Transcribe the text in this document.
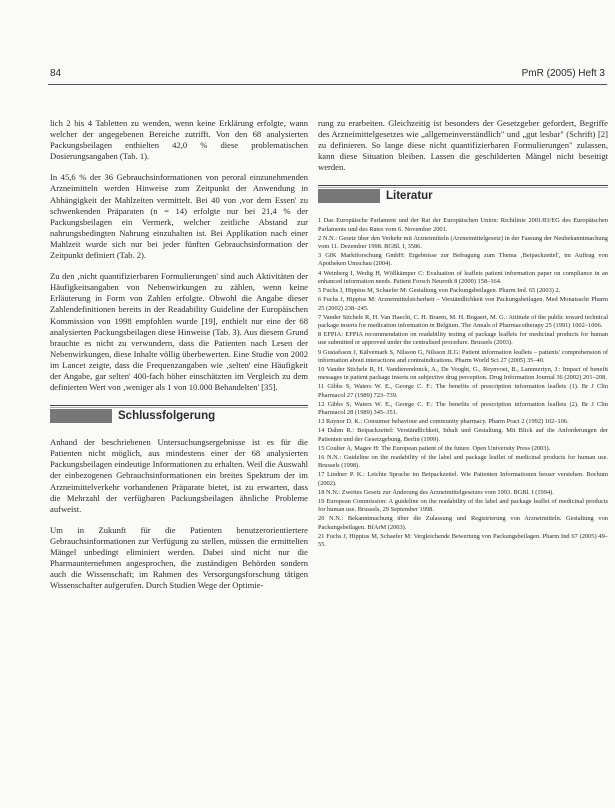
84	PmR (2005) Heft 3

lich 2 bis 4 Tabletten zu wenden, wenn keine Erklärung erfolgte, wann welcher der angegebenen Bereiche zutrifft. Von den 68 analysierten Packungsbeilagen enthielten 42,0 % diese problematischen Dosierungsangaben (Tab. 1).

In 45,6 % der 36 Gebrauchsinformationen von peroral einzunehmenden Arzneimitteln werden Hinweise zum Zeitpunkt der Anwendung in Abhängigkeit der Mahlzeiten vermittelt. Bei 40 von ,vor dem Essen' zu schwenkenden Präparaten (n = 14) erfolgte nur bei 21,4 % der Packungsbeilagen ein Vermerk, welcher zeitliche Abstand zur nahrungsbedingten Nahrung einzuhalten ist. Bei Applikation nach einer Mahlzeit wurde sich nur bei jeder fünften Gebrauchsinformation der Zeitpunkt definiert (Tab. 2).

Zu den ‚nicht quantifizierbaren Formulierungen' sind auch Aktivitäten der Häufigkeitsangaben von Nebenwirkungen zu zählen, wenn keine Erläuterung in Form von Zahlen erfolgte. Obwohl die Angabe dieser Zahlendefinitionen bereits in der Readability Guideline der Europäischen Kommission von 1998 empfohlen wurde [19], enthielt nur eine der 68 analysierten Packungsbeilagen diese Hinweise (Tab. 3). Aus diesem Grund brauchte es nicht zu verwundern, dass die Patienten nach Lesen der Nebenwirkungen, diese Inhalte völlig überbewerten. Eine Studie von 2002 im Lancet zeigte, dass die Frequenzangaben wie ‚selten' eine Häufigkeit der Angabe, gar selten' 400-fach höher einschätzten im Vergleich zu dem definierten Wert von ‚weniger als 1 von 10.000 Behandelten' [35].

Schlussfolgerung

Anhand der beschriebenen Untersuchungsergebnisse ist es für die Patienten nicht möglich, aus mindestens einer der 68 analysierten Packungsbeilagen eindeutige Informationen zu erhalten. Weil die Auswahl der einbezogenen Gebrauchsinformationen ein breites Spektrum der im Arzneimittelverkehr vorhandenen Präparate bietet, ist zu erwarten, dass die Mehrzahl der verfügbaren Packungsbeilagen ähnliche Probleme aufweist.

Um in Zukunft für die Patienten benutzerorientiertere Gebrauchsinformationen zur Verfügung zu stellen, müssen die ermittelten Mängel unbedingt eliminiert werden. Dabei sind nicht nur die Pharmaunternehmen angesprochen, die zuständigen Behörden sondern auch die Wissenschaft; im Rahmen des Versorgungsforschung tätigen Wissenschafter aufgerufen. Durch Studien Wege der Optimie-

rung zu erarbeiten. Gleichzeitig ist besonders der Gesetzgeber gefordert, Begriffe des Arzneimittelgesetzes wie „allgemeinverständlich" und „gut lesbar" (Schrift) [2] zu definieren. So lange diese nicht quantifizierbaren Formulierungen" zulassen, kann diese Situation bleiben. Lassen die geschilderten Mängel nicht beseitigt werden.

Literatur

1 Das Europäische Parlament und der Rat der Europäischen Union: Richtlinie 2001/83/EG des Europäischen Parlaments und des Rates vom 6. November 2001.

2 N.N.: Gesetz über den Verkehr mit Arzneimitteln (Arzneimittelgesetz) in der Fassung der Neubekanntmachung vom 11. Dezember 1998. BGBl. I, 3586.

3 GfK Marktforschung GmbH: Ergebnisse zur Befragung zum Thema ‚Beipackzettel', im Auftrag von Apotheken Umschau (2004).

4 Weinberg I, Wedig H, Wöllkämper C: Evaluation of leaflets patient information paper on compliance in an enhanced information needs. Patient Forsch Neuroth 8 (2000) 158–164.

5 Fuchs J, Hippius M, Schaefer M: Gestaltung von Packungsbeilagen. Pharm Ind. 65 (2003) 2.

6 Fuchs J, Hippius M: Arzneimittelsicherheit – Verständlichkeit von Packungsbeilagen. Med Monatsschr Pharm 25 (2002) 238–245.

7 Vander Stichele R, H. Van Haecht, C. H. Braem, M. H. Bogaert, M. G.: Attitude of the public toward technical package inserts for medication information in Belgium. The Annals of Pharmacotherapy 25 (1991) 1002–1006.

8 EFPIA: EFPIA recommendation on readability testing of package leaflets for medicinal products for human use submitted or approved under the centralised procedure. Brussels (2003).

9 Gustafsson J, Kälvemark S, Nilsson G, Nilsson JLG: Patient information leaflets – patients' comprehension of information about interactions and contraindications. Pharm World Sci 27 (2005) 35–40.

10 Vander Stichele R, H. Vandierendonck, A., De Vooght, G., Reynvoet, B., Lammertyn, J.: Impact of benefit messages in patient package inserts on subjective drug perception. Drug Information Journal 36 (2002) 201–208.

11 Gibbs S, Waters W. E., George C. F.: The benefits of prescription information leaflets (1). Br J Clin Pharmacol 27 (1989) 723–739.

12 Gibbs S, Waters W. E., George C. F.: The benefits of prescription information leaflets (2). Br J Clin Pharmacol 28 (1989) 345–351.

13 Raynor D. K.: Consumer behaviour and community pharmacy. Pharm Pract 2 (1992) 102–106.

14 Dahm R.: Beipackzettel: Verständlichkeit, Inhalt und Gestaltung. Mit Blick auf die Anforderungen der Patienten und der Gesetzgebung. Berlin (1999).

15 Coulter A, Magee H: The European patient of the future. Open University Press (2003).

16 N.N.: Guideline on the readability of the label and package leaflet of medicinal products for human use. Brussels (1998).

17 Lindner P. K.: Leichte Sprache im Beipackzettel. Wie Patienten Informationen besser verstehen. Bochum (2002).

18 N.N.: Zweites Gesetz zur Änderung des Arzneimittelgesetzes vom 1993. BGBl. I (1994).

19 European Commission: A guideline on the readability of the label and package leaflet of medicinal products for human use. Brussels, 29 September 1998.

20 N.N.: Bekanntmachung über die Zulassung und Registrierung von Arzneimitteln. Gestaltung von Packungsbeilagen. BfArM (2003).

21 Fuchs J, Hippius M, Schaefer M: Vergleichende Bewertung von Packungsbeilagen. Pharm Ind 67 (2005) 49–55.
